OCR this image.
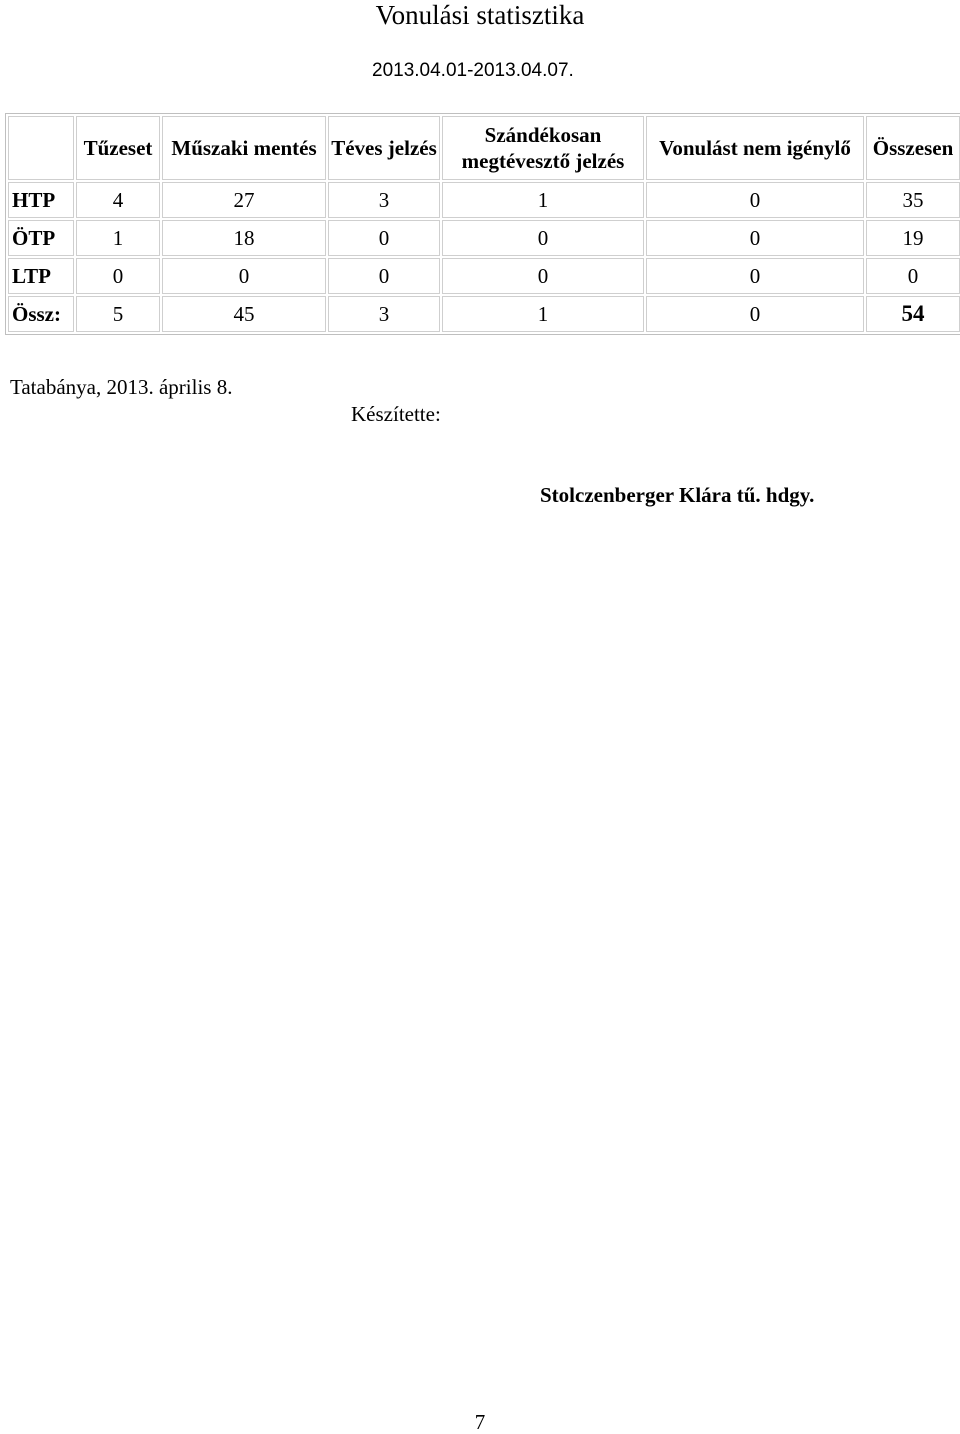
Vonulási statisztika
2013.04.01-2013.04.07.
	Tűzeset	Műszaki mentés	Téves jelzés	Szándékosan megtévesztő jelzés	Vonulást nem igénylő	Összesen
HTP	4	27	3	1	0	35
ÖTP	1	18	0	0	0	19
LTP	0	0	0	0	0	0
Össz:	5	45	3	1	0	54
Tatabánya, 2013. április 8.
Készítette:
Stolczenberger Klára tű. hdgy.
7
